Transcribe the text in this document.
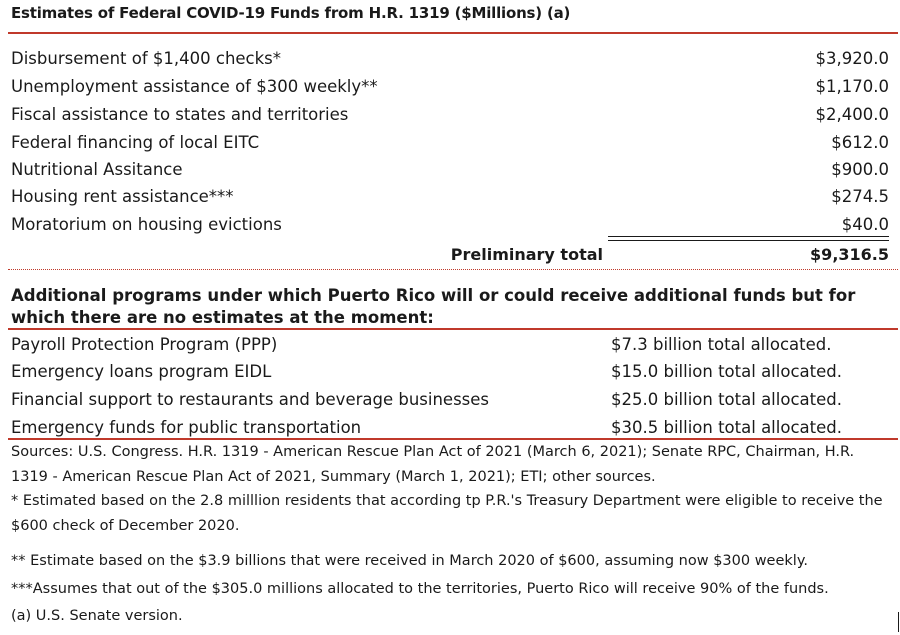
Estimates of Federal COVID-19 Funds from H.R. 1319 ($Millions) (a)
Disbursement of $1,400 checks*	$3,920.0
Unemployment assistance of $300 weekly**	$1,170.0
Fiscal assistance to states and territories	$2,400.0
Federal financing of local EITC	$612.0
Nutritional Assitance	$900.0
Housing rent assistance***	$274.5
Moratorium on housing evictions	$40.0
Preliminary total	$9,316.5
Additional programs under which Puerto Rico will or could receive additional funds but for which there are no estimates at the moment:
Payroll Protection Program (PPP)	$7.3 billion total allocated.
Emergency loans program EIDL	$15.0 billion total allocated.
Financial support to restaurants and beverage businesses	$25.0 billion total allocated.
Emergency funds for public transportation	$30.5 billion total allocated.
Sources: U.S. Congress. H.R. 1319 - American Rescue Plan Act of 2021 (March 6, 2021); Senate RPC, Chairman, H.R. 1319 - American Rescue Plan Act of 2021, Summary (March 1, 2021); ETI; other sources.
* Estimated based on the 2.8 milllion residents that according tp P.R.'s Treasury Department were eligible to receive the $600 check of December 2020.
** Estimate based on the $3.9 billions that were received in March 2020 of $600, assuming now $300 weekly.
***Assumes that out of the $305.0 millions allocated to the territories, Puerto Rico will receive 90% of the funds.
(a) U.S. Senate version.
